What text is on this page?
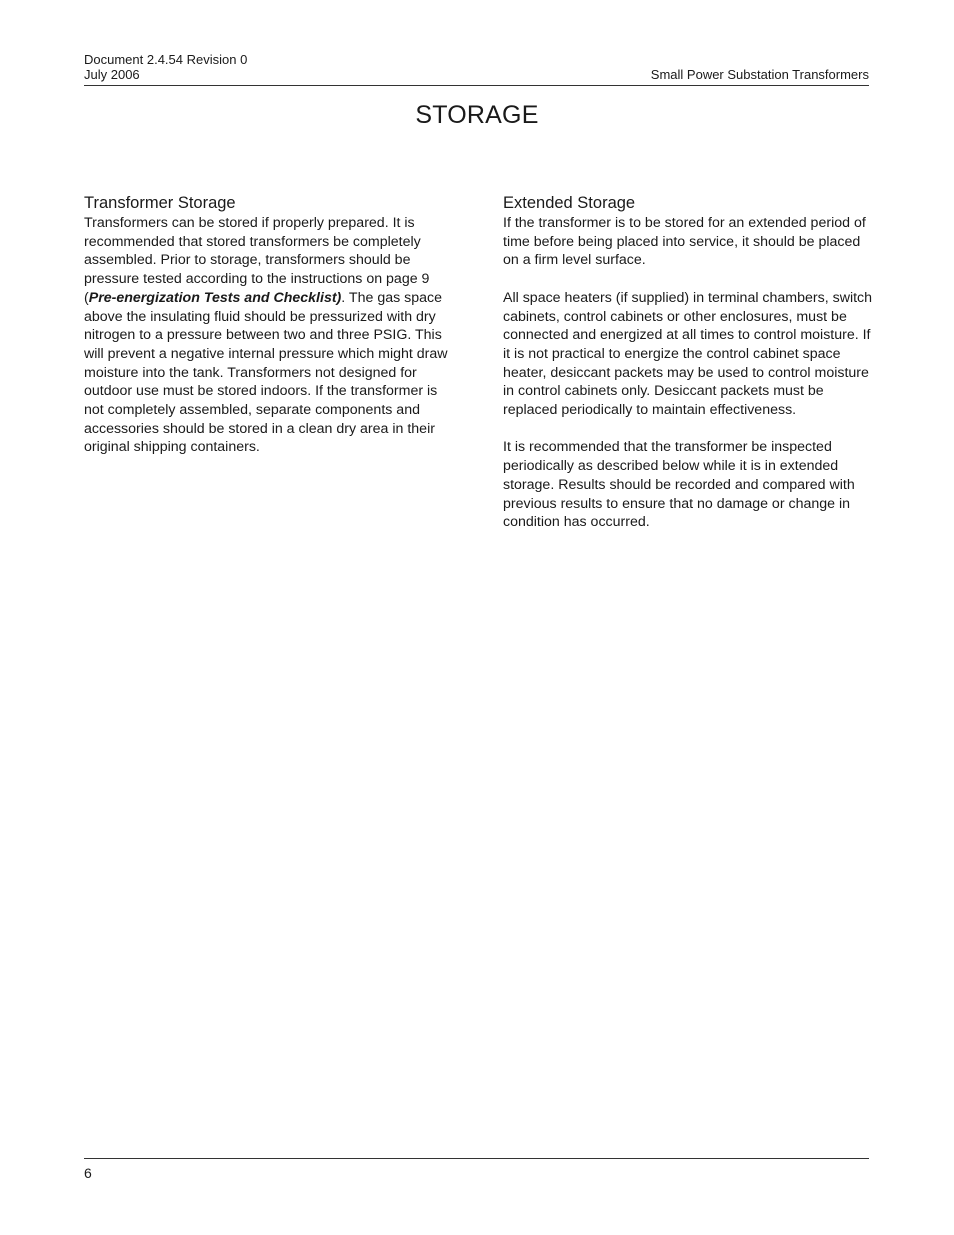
Document 2.4.54 Revision 0
July 2006	Small Power Substation Transformers
STORAGE
Transformer Storage

Transformers can be stored if properly prepared. It is recommended that stored transformers be completely assembled. Prior to storage, transformers should be pressure tested according to the instructions on page 9 (Pre-energization Tests and Checklist). The gas space above the insulating fluid should be pressurized with dry nitrogen to a pressure between two and three PSIG. This will prevent a negative internal pressure which might draw moisture into the tank. Transformers not designed for outdoor use must be stored indoors. If the transformer is not completely assembled, separate components and accessories should be stored in a clean dry area in their original shipping containers.

Extended Storage

If the transformer is to be stored for an extended period of time before being placed into service, it should be placed on a firm level surface.

All space heaters (if supplied) in terminal chambers, switch cabinets, control cabinets or other enclosures, must be connected and energized at all times to control moisture. If it is not practical to energize the control cabinet space heater, desiccant packets may be used to control moisture in control cabinets only. Desiccant packets must be replaced periodically to maintain effectiveness.

It is recommended that the transformer be inspected periodically as described below while it is in extended storage. Results should be recorded and compared with previous results to ensure that no damage or change in condition has occurred.

6
